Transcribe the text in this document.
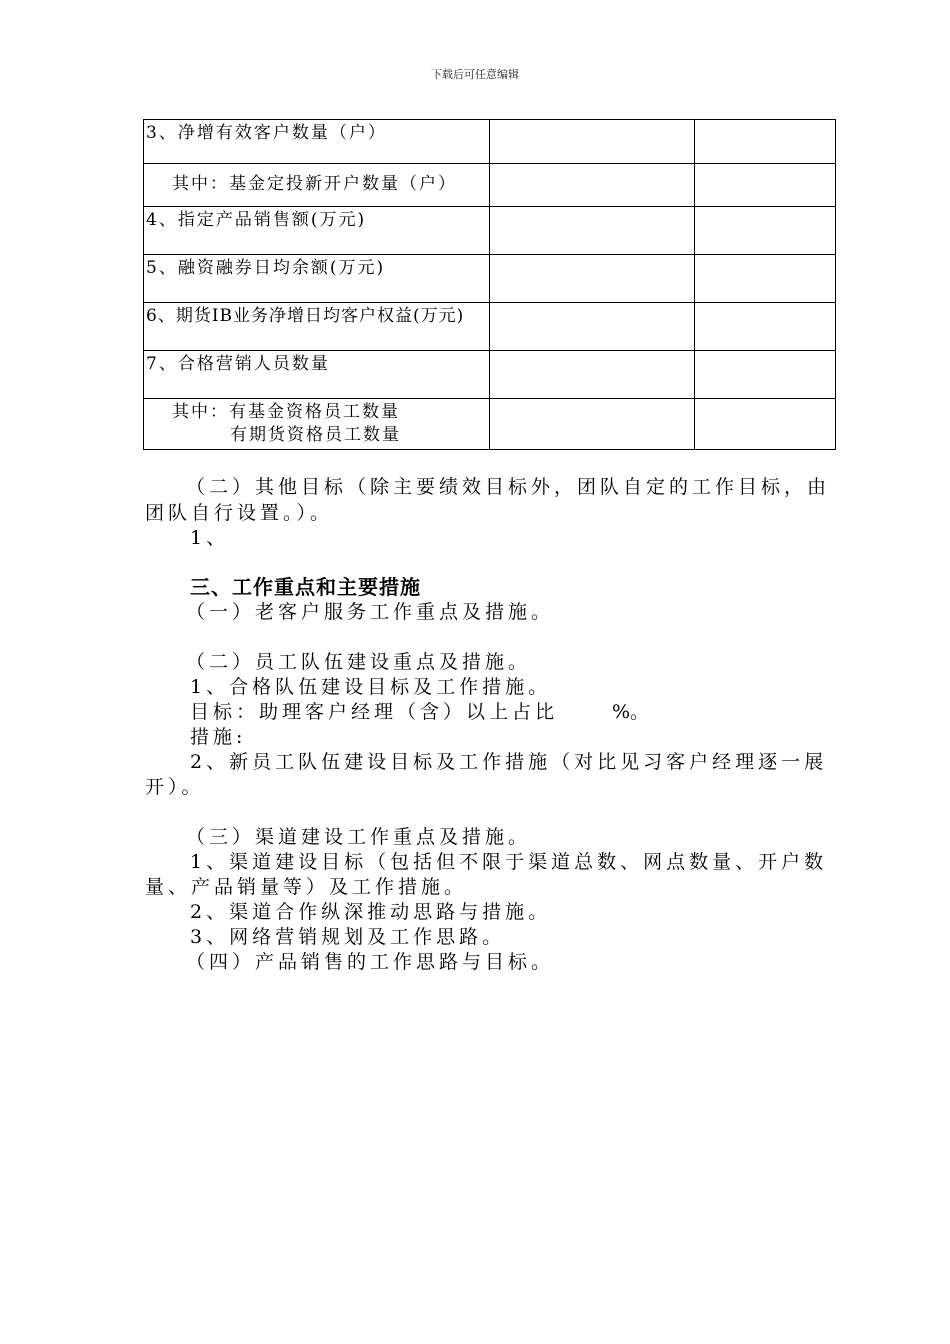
下载后可任意编辑
3、净增有效客户数量（户）		

其中：基金定投新开户数量（户）		

4、指定产品销售额(万元)		

5、融资融券日均余额(万元)		

6、期货IB业务净增日均客户权益(万元)		

7、合格营销人员数量		

其中：有基金资格员工数量
有期货资格员工数量		

（二）其他目标（除主要绩效目标外，团队自定的工作目标，由
团队自行设置。）。
1、
三、工作重点和主要措施
（一）老客户服务工作重点及措施。
（二）员工队伍建设重点及措施。
1、合格队伍建设目标及工作措施。
目标：助理客户经理（含）以上占比	%。
措施:
2、新员工队伍建设目标及工作措施（对比见习客户经理逐一展
开）。
（三）渠道建设工作重点及措施。
1、渠道建设目标（包括但不限于渠道总数、网点数量、开户数
量、产品销量等）及工作措施。
2、渠道合作纵深推动思路与措施。
3、网络营销规划及工作思路。
（四）产品销售的工作思路与目标。
